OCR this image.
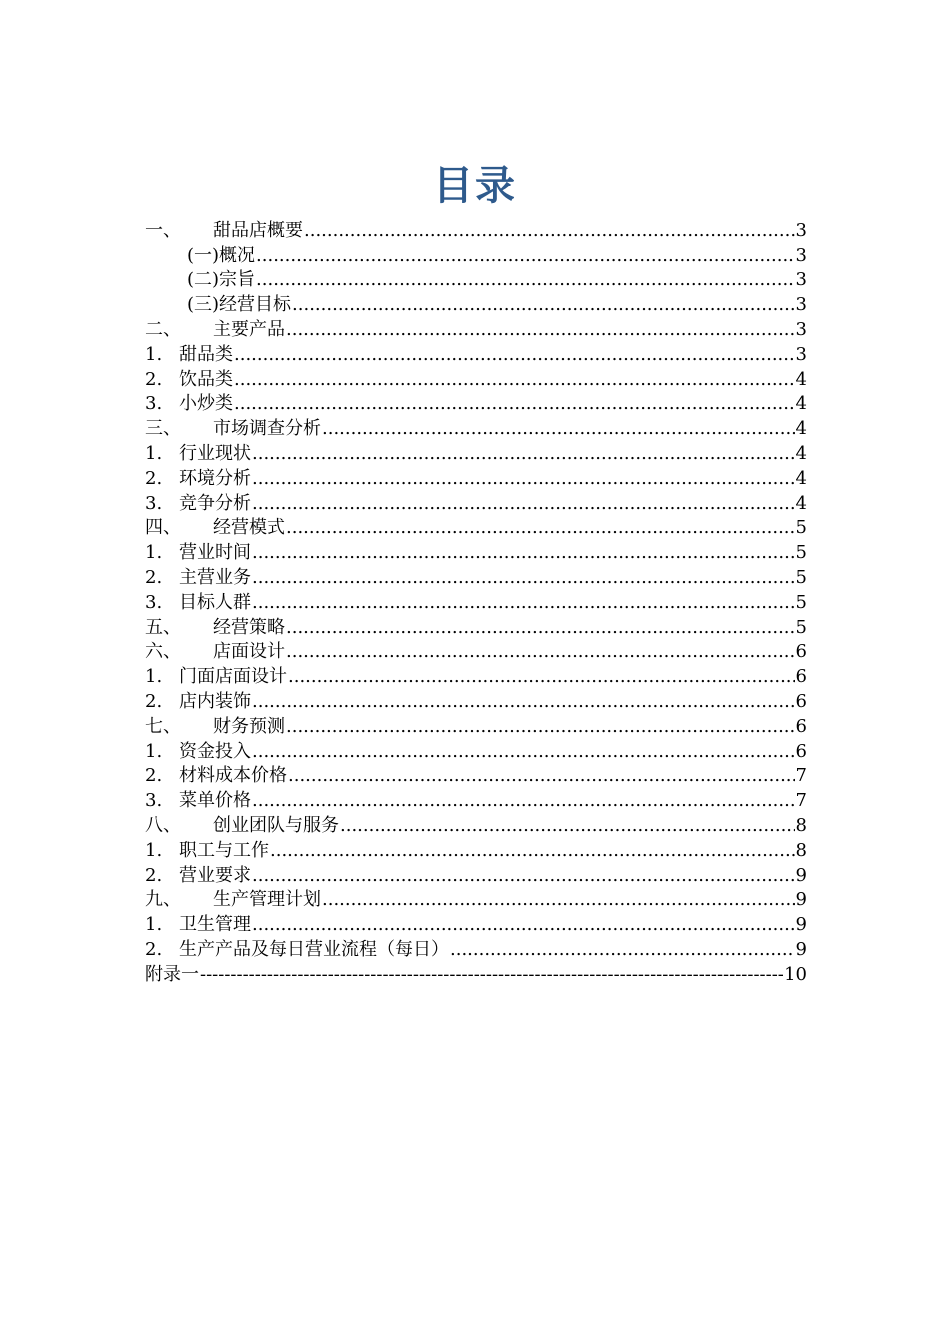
目录
一、	甜品店概要 .....	3
(一)概况 .....	3
(二)宗旨 .....	3
(三)经营目标 .....	3
二、	主要产品 .....	3
1. 甜品类 .....	3
2. 饮品类 .....	4
3. 小炒类 .....	4
三、	市场调查分析 .....	4
1. 行业现状 .....	4
2. 环境分析 .....	4
3. 竞争分析 .....	4
四、	经营模式 .....	5
1. 营业时间 .....	5
2. 主营业务 .....	5
3. 目标人群 .....	5
五、	经营策略 .....	5
六、	店面设计 .....	6
1. 门面店面设计 .....	6
2. 店内装饰 .....	6
七、	财务预测 .....	6
1. 资金投入 .....	6
2. 材料成本价格 .....	7
3. 菜单价格 .....	7
八、	创业团队与服务 .....	8
1. 职工与工作 .....	8
2. 营业要求 .....	9
九、	生产管理计划 .....	9
1. 卫生管理 .....	9
2. 生产产品及每日营业流程（每日） .....	9
附录一 -----	10
